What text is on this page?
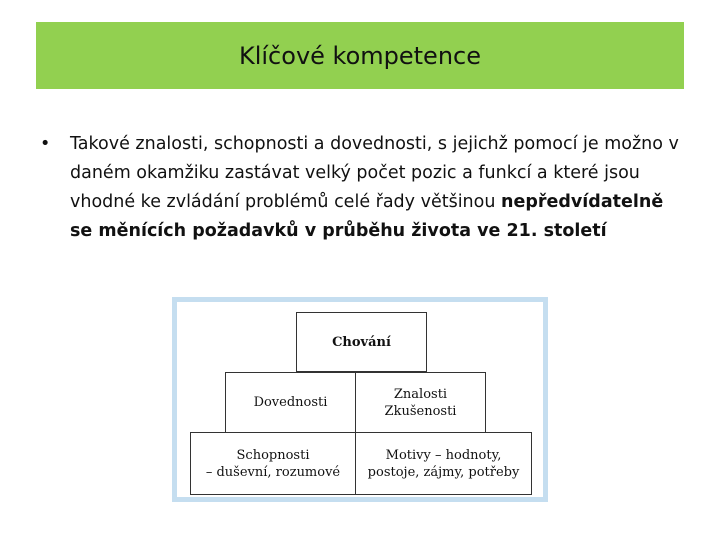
Klíčové kompetence
•	Takové znalosti, schopnosti a dovednosti, s jejichž pomocí je možno v daném okamžiku zastávat velký počet pozic a funkcí a které jsou vhodné ke zvládání problémů celé řady většinou nepředvídatelně se měnících požadavků v průběhu života ve 21. století
Chování
Dovednosti
Znalosti
Zkušenosti
Schopnosti
– duševní, rozumové
Motivy – hodnoty,
postoje, zájmy, potřeby
